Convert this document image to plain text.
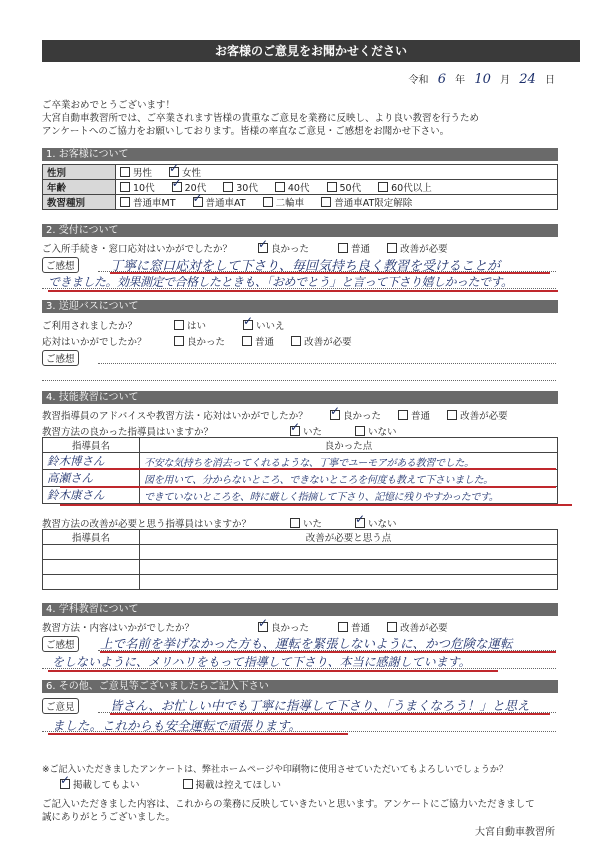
お客様のご意見をお聞かせください
令和 6 年 10 月 24 日
ご卒業おめでとうございます！
大宮自動車教習所では、ご卒業されます皆様の貴重なご意見を業務に反映し、より良い教習を行うため
アンケートへのご協力をお願いしております。皆様の率直なご意見・ご感想をお聞かせ下さい。
1. お客様について
性別	男性 ✓ 女性
年齢	10代 ✓ 20代 30代 40代 50代 60代以上
教習種別	普通車MT ✓ 普通車AT 二輪車 普通車AT限定解除
2. 受付について
ご入所手続き・窓口応対はいかがでしたか？ ✓	良かった	普通	改善が必要
ご感想	丁寧に窓口応対をして下さり、毎回気持ち良く教習を受けることが
できました。効果測定で合格したときも、「おめでとう」と言って下さり嬉しかったです。
3. 送迎バスについて
ご利用されましたか？	はい ✓	いいえ
応対はいかがでしたか？	良かった	普通	改善が必要
ご感想
4. 技能教習について
教習指導員のアドバイスや教習方法・応対はいかがでしたか？ ✓	良かった	普通	改善が必要
教習方法の良かった指導員はいますか？ ✓	いた	いない
指導員名	良かった点
鈴木博さん	不安な気持ちを消去ってくれるような、丁寧でユーモアがある教習でした。
高瀬さん	図を用いて、分からないところ、できないところを何度も教えて下さいました。
鈴木康さん	できていないところを、時に厳しく指摘して下さり、記憶に残りやすかったです。
教習方法の改善が必要と思う指導員はいますか？	いた ✓	いない
指導員名	改善が必要と思う点

4. 学科教習について
教習方法・内容はいかがでしたか？ ✓	良かった	普通	改善が必要
ご感想	上で名前を挙げなかった方も、運転を緊張しないように、かつ危険な運転
をしないように、メリハリをもって指導して下さり、本当に感謝しています。
6. その他、ご意見等ございましたらご記入下さい
ご意見	皆さん、お忙しい中でも丁寧に指導して下さり、「うまくなろう！」と思え
ました。これからも安全運転で頑張ります。
※ご記入いただきましたアンケートは、弊社ホームページや印刷物に使用させていただいてもよろしいでしょうか？
✓掲載してもよい	掲載は控えてほしい
ご記入いただきました内容は、これからの業務に反映していきたいと思います。アンケートにご協力いただきまして
誠にありがとうございました。
大宮自動車教習所
